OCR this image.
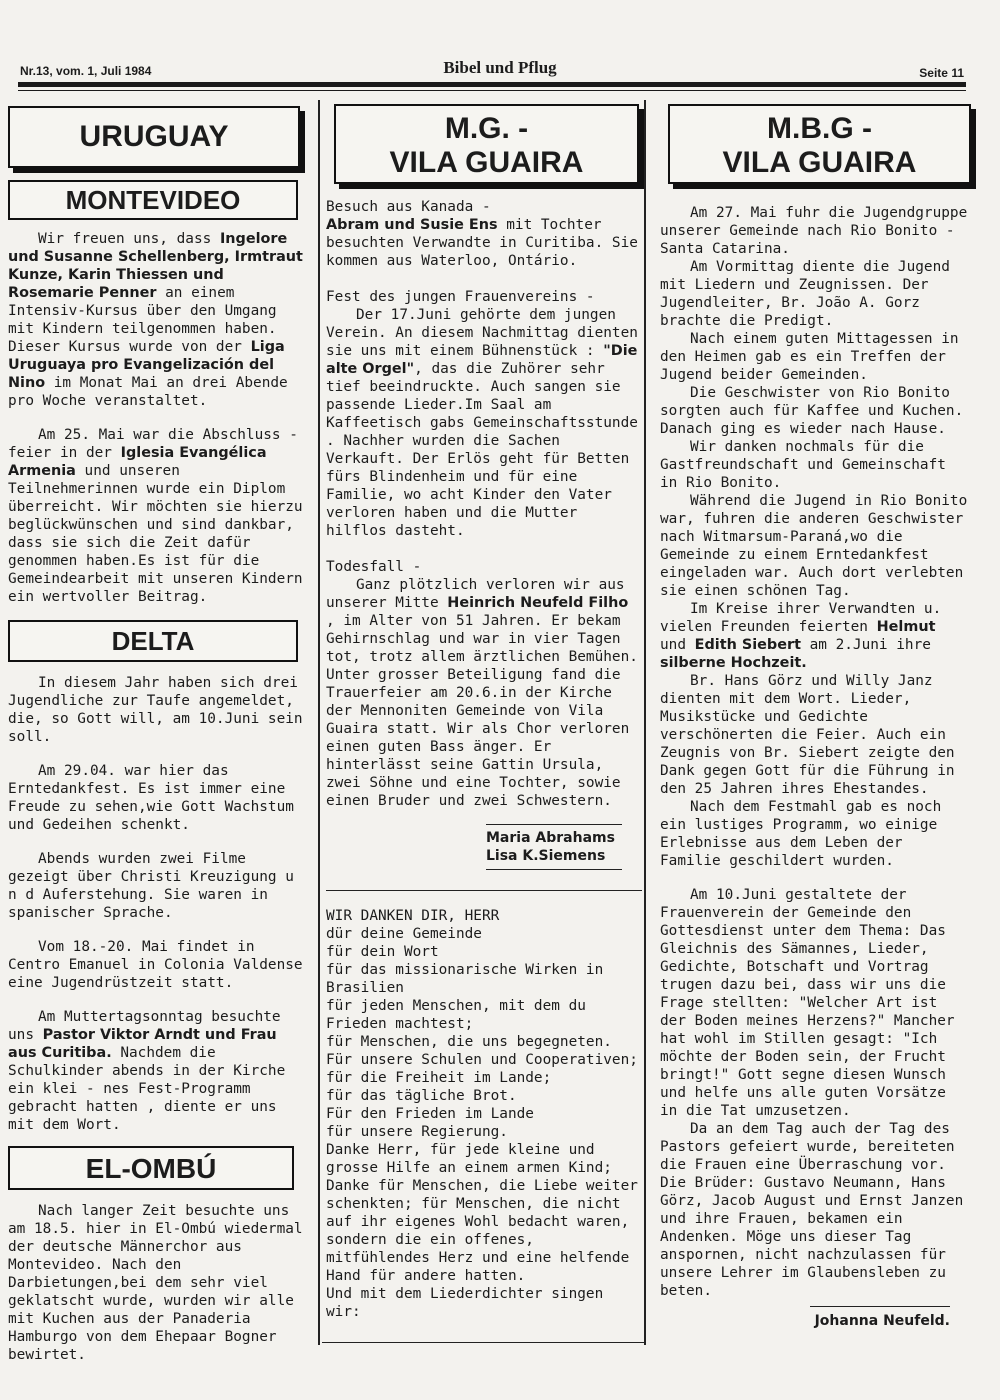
Nr.13, vom. 1, Juli 1984	Bibel und Pflug	Seite 11
URUGUAY
MONTEVIDEO

Wir freuen uns, dass Ingelore und Susanne Schellenberg, Irmtraut Kunze, Karin Thiessen und Rosemarie Penner an einem Intensiv-Kursus über den Umgang mit Kindern teilgenommen haben. Dieser Kursus wurde von der Liga Uruguaya pro Evangelización del Nino im Monat Mai an drei Abende pro Woche veranstaltet.

Am 25. Mai war die Abschluss - feier in der Iglesia Evangélica Armenia und unseren Teilnehmerinnen wurde ein Diplom überreicht. Wir möchten sie hierzu beglückwünschen und sind dankbar, dass sie sich die Zeit dafür genommen haben.Es ist für die Gemeindearbeit mit unseren Kindern ein wertvoller Beitrag.

DELTA

In diesem Jahr haben sich drei Jugendliche zur Taufe angemeldet, die, so Gott will, am 10.Juni sein soll.

Am 29.04. war hier das Erntedankfest. Es ist immer eine Freude zu sehen,wie Gott Wachstum und Gedeihen schenkt.

Abends wurden zwei Filme gezeigt über Christi Kreuzigung u n d Auferstehung. Sie waren in spanischer Sprache.

Vom 18.-20. Mai findet in Centro Emanuel in Colonia Valdense eine Jugendrüstzeit statt.

Am Muttertagsonntag besuchte uns Pastor Viktor Arndt und Frau aus Curitiba. Nachdem die Schulkinder abends in der Kirche ein klei - nes Fest-Programm gebracht hatten , diente er uns mit dem Wort.

EL-OMBÚ

Nach langer Zeit besuchte uns am 18.5. hier in El-Ombú wiedermal der deutsche Männerchor aus Montevideo. Nach den Darbietungen,bei dem sehr viel geklatscht wurde, wurden wir alle mit Kuchen aus der Panaderia Hamburgo von dem Ehepaar Bogner bewirtet.

M.G. -
VILA GUAIRA

Besuch aus Kanada -

Abram und Susie Ens mit Tochter besuchten Verwandte in Curitiba. Sie kommen aus Waterloo, Ontário.

Fest des jungen Frauenvereins -

Der 17.Juni gehörte dem jungen Verein. An diesem Nachmittag dienten sie uns mit einem Bühnenstück : "Die alte Orgel", das die Zuhörer sehr tief beeindruckte. Auch sangen sie passende Lieder.Im Saal am Kaffeetisch gabs Gemeinschaftsstunde . Nachher wurden die Sachen Verkauft. Der Erlös geht für Betten fürs Blindenheim und für eine Familie, wo acht Kinder den Vater verloren haben und die Mutter hilflos dasteht.

Todesfall -

Ganz plötzlich verloren wir aus unserer Mitte Heinrich Neufeld Filho , im Alter von 51 Jahren. Er bekam Gehirnschlag und war in vier Tagen tot, trotz allem ärztlichen Bemühen. Unter grosser Beteiligung fand die Trauerfeier am 20.6.in der Kirche der Mennoniten Gemeinde von Vila Guaira statt. Wir als Chor verloren einen guten Bass änger. Er hinterlässt seine Gattin Ursula, zwei Söhne und eine Tochter, sowie einen Bruder und zwei Schwestern.

Maria Abrahams
Lisa K.Siemens

WIR DANKEN DIR, HERR

dür deine Gemeinde

für dein Wort

für das missionarische Wirken in Brasilien

für jeden Menschen, mit dem du Frieden machtest;

für Menschen, die uns begegneten.

Für unsere Schulen und Cooperativen;

für die Freiheit im Lande;

für das tägliche Brot.

Für den Frieden im Lande

für unsere Regierung.

Danke Herr, für jede kleine und grosse Hilfe an einem armen Kind;

Danke für Menschen, die Liebe weiter schenkten; für Menschen, die nicht auf ihr eigenes Wohl bedacht waren, sondern die ein offenes, mitfühlendes Herz und eine helfende Hand für andere hatten.

Und mit dem Liederdichter singen wir:

M.B.G -
VILA GUAIRA

Am 27. Mai fuhr die Jugendgruppe unserer Gemeinde nach Rio Bonito - Santa Catarina.

Am Vormittag diente die Jugend mit Liedern und Zeugnissen. Der Jugendleiter, Br. João A. Gorz brachte die Predigt.

Nach einem guten Mittagessen in den Heimen gab es ein Treffen der Jugend beider Gemeinden.

Die Geschwister von Rio Bonito sorgten auch für Kaffee und Kuchen. Danach ging es wieder nach Hause.

Wir danken nochmals für die Gastfreundschaft und Gemeinschaft in Rio Bonito.

Während die Jugend in Rio Bonito war, fuhren die anderen Geschwister nach Witmarsum-Paraná,wo die Gemeinde zu einem Erntedankfest eingeladen war. Auch dort verlebten sie einen schönen Tag.

Im Kreise ihrer Verwandten u. vielen Freunden feierten Helmut und Edith Siebert am 2.Juni ihre silberne Hochzeit.

Br. Hans Görz und Willy Janz dienten mit dem Wort. Lieder, Musikstücke und Gedichte verschönerten die Feier. Auch ein Zeugnis von Br. Siebert zeigte den Dank gegen Gott für die Führung in den 25 Jahren ihres Ehestandes.

Nach dem Festmahl gab es noch ein lustiges Programm, wo einige Erlebnisse aus dem Leben der Familie geschildert wurden.

Am 10.Juni gestaltete der Frauenverein der Gemeinde den Gottesdienst unter dem Thema: Das Gleichnis des Sämannes, Lieder, Gedichte, Botschaft und Vortrag trugen dazu bei, dass wir uns die Frage stellten: "Welcher Art ist der Boden meines Herzens?" Mancher hat wohl im Stillen gesagt: "Ich möchte der Boden sein, der Frucht bringt!" Gott segne diesen Wunsch und helfe uns alle guten Vorsätze in die Tat umzusetzen.

Da an dem Tag auch der Tag des Pastors gefeiert wurde, bereiteten die Frauen eine Überraschung vor. Die Brüder: Gustavo Neumann, Hans Görz, Jacob August und Ernst Janzen und ihre Frauen, bekamen ein Andenken. Möge uns dieser Tag anspornen, nicht nachzulassen für unsere Lehrer im Glaubensleben zu beten.

Johanna Neufeld.
